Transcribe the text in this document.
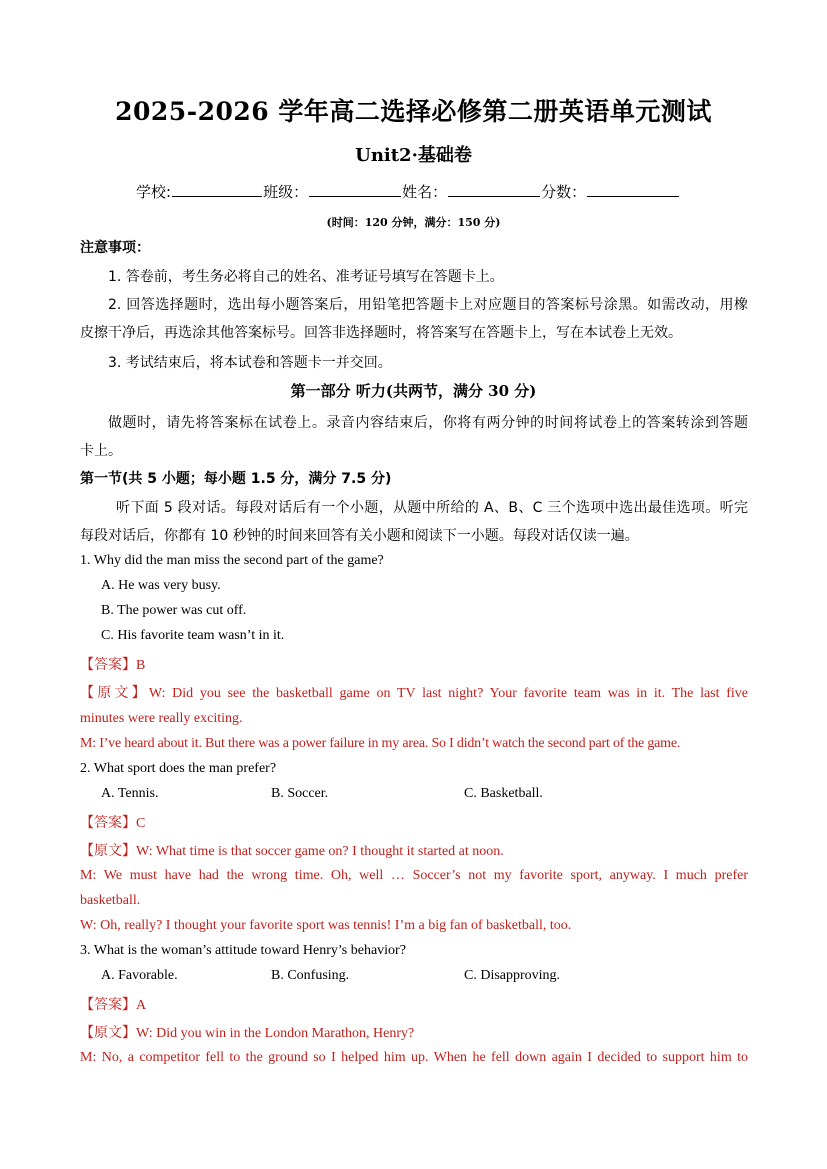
2025-2026 学年高二选择必修第二册英语单元测试
Unit2·基础卷
学校:	班级：	姓名：	分数：
(时间：120 分钟，满分：150 分)
注意事项：
1. 答卷前，考生务必将自己的姓名、准考证号填写在答题卡上。
2. 回答选择题时，选出每小题答案后，用铅笔把答题卡上对应题目的答案标号涂黑。如需改动，用橡
皮擦干净后，再选涂其他答案标号。回答非选择题时，将答案写在答题卡上，写在本试卷上无效。
3. 考试结束后，将本试卷和答题卡一并交回。
第一部分 听力(共两节，满分 30 分)
做题时，请先将答案标在试卷上。录音内容结束后，你将有两分钟的时间将试卷上的答案转涂到答题
卡上。
第一节(共 5 小题；每小题 1.5 分，满分 7.5 分)
听下面 5 段对话。每段对话后有一个小题，从题中所给的 A、B、C 三个选项中选出最佳选项。听完
每段对话后，你都有 10 秒钟的时间来回答有关小题和阅读下一小题。每段对话仅读一遍。
1. Why did the man miss the second part of the game?
A. He was very busy.
B. The power was cut off.
C. His favorite team wasn’t in it.
【答案】B
【原文】W: Did you see the basketball game on TV last night? Your favorite team was in it. The last five
minutes were really exciting.
M: I’ve heard about it. But there was a power failure in my area. So I didn’t watch the second part of the game.
2. What sport does the man prefer?
A. Tennis.	B. Soccer.	C. Basketball.
【答案】C
【原文】W: What time is that soccer game on? I thought it started at noon.
M: We must have had the wrong time. Oh, well … Soccer’s not my favorite sport, anyway. I much prefer
basketball.
W: Oh, really? I thought your favorite sport was tennis! I’m a big fan of basketball, too.
3. What is the woman’s attitude toward Henry’s behavior?
A. Favorable.	B. Confusing.	C. Disapproving.
【答案】A
【原文】W: Did you win in the London Marathon, Henry?
M: No, a competitor fell to the ground so I helped him up. When he fell down again I decided to support him to
